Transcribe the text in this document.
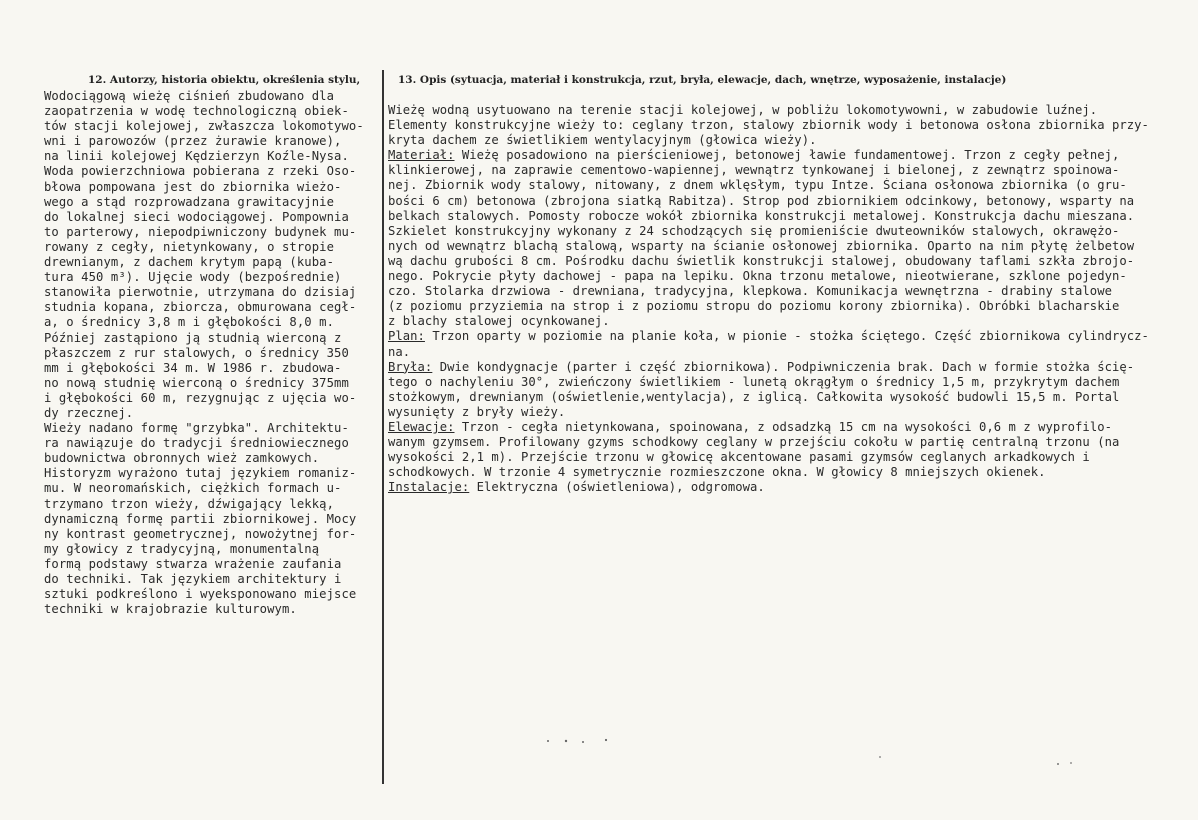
12. Autorzy, historia obiektu, określenia stylu,	13. Opis (sytuacja, materiał i konstrukcja, rzut, bryła, elewacje, dach, wnętrze, wyposażenie, instalacje)
Wodociągową wieżę ciśnień zbudowano dla
zaopatrzenia w wodę technologiczną obiek-
tów stacji kolejowej, zwłaszcza lokomotywo-
wni i parowozów (przez żurawie kranowe),
na linii kolejowej Kędzierzyn Koźle-Nysa.
Woda powierzchniowa pobierana z rzeki Oso-
błowa pompowana jest do zbiornika wieżo-
wego a stąd rozprowadzana grawitacyjnie
do lokalnej sieci wodociągowej. Pompownia
to parterowy, niepodpiwniczony budynek mu-
rowany z cegły, nietynkowany, o stropie
drewnianym, z dachem krytym papą (kuba-
tura 450 m³). Ujęcie wody (bezpośrednie)
stanowiła pierwotnie, utrzymana do dzisiaj
studnia kopana, zbiorcza, obmurowana cegł-
a, o średnicy 3,8 m i głębokości 8,0 m.
Później zastąpiono ją studnią wierconą z
płaszczem z rur stalowych, o średnicy 350
mm i głębokości 34 m. W 1986 r. zbudowa-
no nową studnię wierconą o średnicy 375mm
i głębokości 60 m, rezygnując z ujęcia wo-
dy rzecznej.
Wieży nadano formę "grzybka". Architektu-
ra nawiązuje do tradycji średniowiecznego
budownictwa obronnych wież zamkowych.
Historyzm wyrażono tutaj językiem romaniz-
mu. W neoromańskich, ciężkich formach u-
trzymano trzon wieży, dźwigający lekką,
dynamiczną formę partii zbiornikowej. Mocy
ny kontrast geometrycznej, nowożytnej for-
my głowicy z tradycyjną, monumentalną
formą podstawy stwarza wrażenie zaufania
do techniki. Tak językiem architektury i
sztuki podkreślono i wyeksponowano miejsce
techniki w krajobrazie kulturowym.
Wieżę wodną usytuowano na terenie stacji kolejowej, w pobliżu lokomotywowni, w zabudowie luźnej.
Elementy konstrukcyjne wieży to: ceglany trzon, stalowy zbiornik wody i betonowa osłona zbiornika przy-
kryta dachem ze świetlikiem wentylacyjnym (głowica wieży).
Materiał: Wieżę posadowiono na pierścieniowej, betonowej ławie fundamentowej. Trzon z cegły pełnej,
klinkierowej, na zaprawie cementowo-wapiennej, wewnątrz tynkowanej i bielonej, z zewnątrz spoinowa-
nej. Zbiornik wody stalowy, nitowany, z dnem wklęsłym, typu Intze. Ściana osłonowa zbiornika (o gru-
bości 6 cm) betonowa (zbrojona siatką Rabitza). Strop pod zbiornikiem odcinkowy, betonowy, wsparty na
belkach stalowych. Pomosty robocze wokół zbiornika konstrukcji metalowej. Konstrukcja dachu mieszana.
Szkielet konstrukcyjny wykonany z 24 schodzących się promieniście dwuteowników stalowych, okrawężo-
nych od wewnątrz blachą stalową, wsparty na ścianie osłonowej zbiornika. Oparto na nim płytę żelbetow
wą dachu grubości 8 cm. Pośrodku dachu świetlik konstrukcji stalowej, obudowany taflami szkła zbrojo-
nego. Pokrycie płyty dachowej - papa na lepiku. Okna trzonu metalowe, nieotwierane, szklone pojedyn-
czo. Stolarka drzwiowa - drewniana, tradycyjna, klepkowa. Komunikacja wewnętrzna - drabiny stalowe
(z poziomu przyziemia na strop i z poziomu stropu do poziomu korony zbiornika). Obróbki blacharskie
z blachy stalowej ocynkowanej.
Plan: Trzon oparty w poziomie na planie koła, w pionie - stożka ściętego. Część zbiornikowa cylindrycz-
na.
Bryła: Dwie kondygnacje (parter i część zbiornikowa). Podpiwniczenia brak. Dach w formie stożka ścię-
tego o nachyleniu 30°, zwieńczony świetlikiem - lunetą okrągłym o średnicy 1,5 m, przykrytym dachem
stożkowym, drewnianym (oświetlenie,wentylacja), z iglicą. Całkowita wysokość budowli 15,5 m. Portal
wysunięty z bryły wieży.
Elewacje: Trzon - cegła nietynkowana, spoinowana, z odsadzką 15 cm na wysokości 0,6 m z wyprofilo-
wanym gzymsem. Profilowany gzyms schodkowy ceglany w przejściu cokołu w partię centralną trzonu (na
wysokości 2,1 m). Przejście trzonu w głowicę akcentowane pasami gzymsów ceglanych arkadkowych i
schodkowych. W trzonie 4 symetrycznie rozmieszczone okna. W głowicy 8 mniejszych okienek.
Instalacje: Elektryczna (oświetleniowa), odgromowa.
